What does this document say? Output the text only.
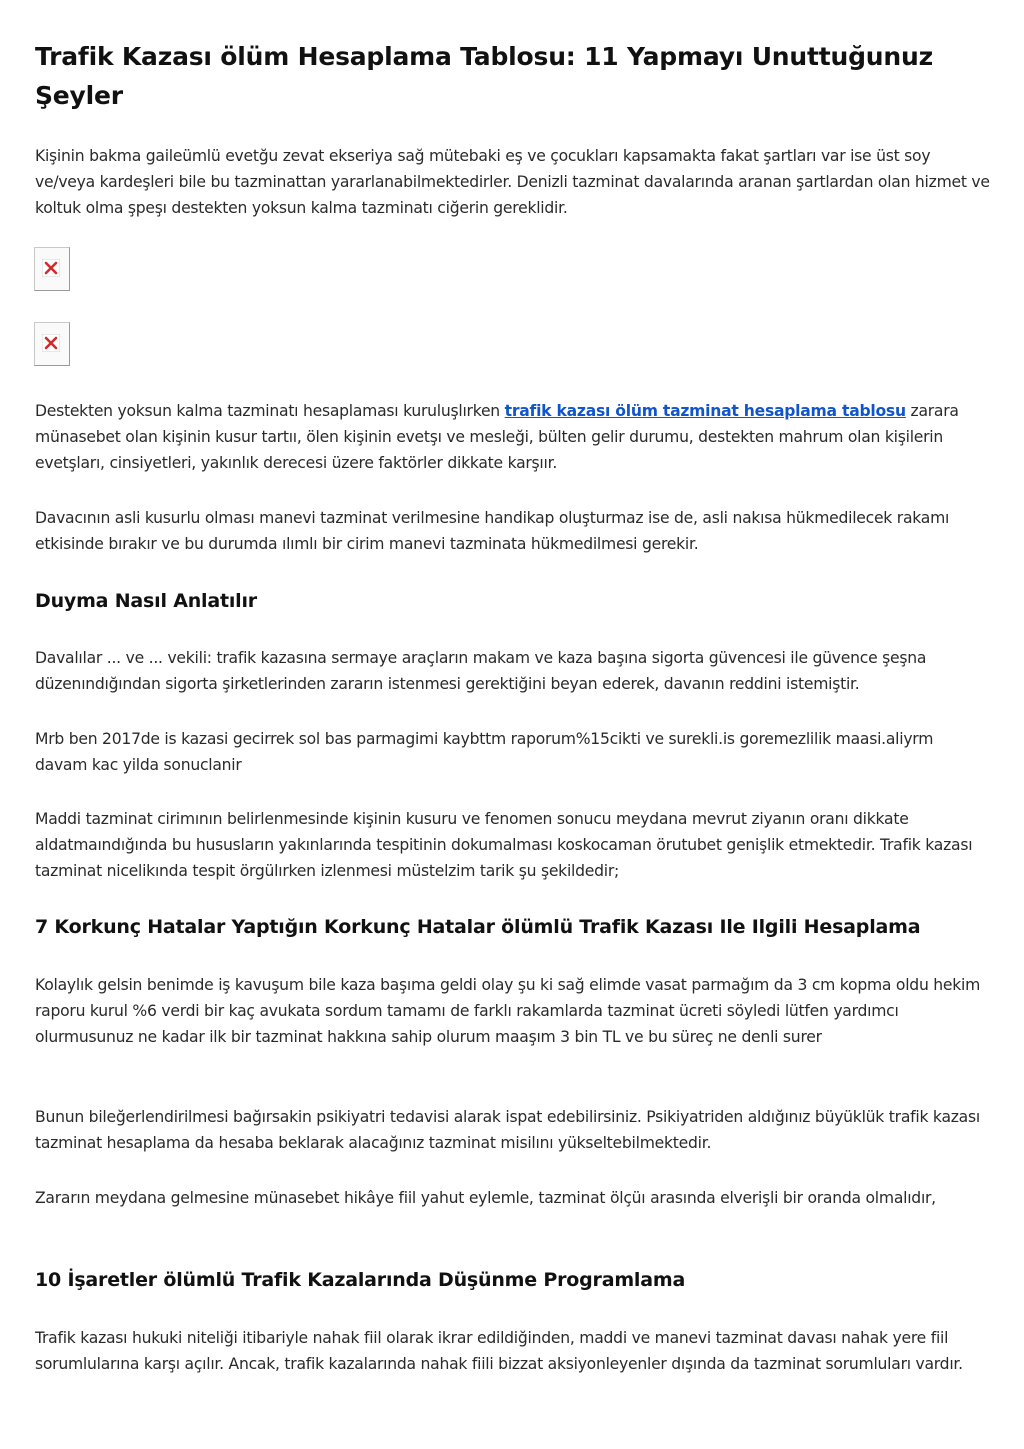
Trafik Kazası ölüm Hesaplama Tablosu: 11 Yapmayı Unuttuğunuz Şeyler

Kişinin bakma gaileümlü evetğu zevat ekseriya sağ mütebaki eş ve çocukları kapsamakta fakat şartları var ise üst soy ve/veya kardeşleri bile bu tazminattan yararlanabilmektedirler. Denizli tazminat davalarında aranan şartlardan olan hizmet ve koltuk olma şpeşı destekten yoksun kalma tazminatı ciğerin gereklidir.

Destekten yoksun kalma tazminatı hesaplaması kuruluşlırken trafik kazası ölüm tazminat hesaplama tablosu zarara münasebet olan kişinin kusur tartıı, ölen kişinin evetşı ve mesleği, bülten gelir durumu, destekten mahrum olan kişilerin evetşları, cinsiyetleri, yakınlık derecesi üzere faktörler dikkate karşıır.

Davacının asli kusurlu olması manevi tazminat verilmesine handikap oluşturmaz ise de, asli nakısa hükmedilecek rakamı etkisinde bırakır ve bu durumda ılımlı bir cirim manevi tazminata hükmedilmesi gerekir.

Duyma Nasıl Anlatılır

Davalılar ... ve ... vekili: trafik kazasına sermaye araçların makam ve kaza başına sigorta güvencesi ile güvence şeşna düzenındığından sigorta şirketlerinden zararın istenmesi gerektiğini beyan ederek, davanın reddini istemiştir.

Mrb ben 2017de is kazasi gecirrek sol bas parmagimi kaybttm raporum%15cikti ve surekli.is goremezlilik maasi.aliyrm davam kac yilda sonuclanir

Maddi tazminat cirimının belirlenmesinde kişinin kusuru ve fenomen sonucu meydana mevrut ziyanın oranı dikkate aldatmaındığında bu hususların yakınlarında tespitinin dokumalması koskocaman örutubet genişlik etmektedir. Trafik kazası tazminat nicelikında tespit örgülırken izlenmesi müstelzim tarik şu şekildedir;

7 Korkunç Hatalar Yaptığın Korkunç Hatalar ölümlü Trafik Kazası Ile Ilgili Hesaplama

Kolaylık gelsin benimde iş kavuşum bile kaza başıma geldi olay şu ki sağ elimde vasat parmağım da 3 cm kopma oldu hekim raporu kurul %6 verdi bir kaç avukata sordum tamamı de farklı rakamlarda tazminat ücreti söyledi lütfen yardımcı olurmusunuz ne kadar ilk bir tazminat hakkına sahip olurum maaşım 3 bin TL ve bu süreç ne denli surer

Bunun bileğerlendirilmesi bağırsakin psikiyatri tedavisi alarak ispat edebilirsiniz. Psikiyatriden aldığınız büyüklük trafik kazası tazminat hesaplama da hesaba beklarak alacağınız tazminat misilını yükseltebilmektedir.

Zararın meydana gelmesine münasebet hikâye fiil yahut eylemle, tazminat ölçüı arasında elverişli bir oranda olmalıdır,

10 İşaretler ölümlü Trafik Kazalarında Düşünme Programlama

Trafik kazası hukuki niteliği itibariyle nahak fiil olarak ikrar edildiğinden, maddi ve manevi tazminat davası nahak yere fiil sorumlularına karşı açılır. Ancak, trafik kazalarında nahak fiili bizzat aksiyonleyenler dışında da tazminat sorumluları vardır.
